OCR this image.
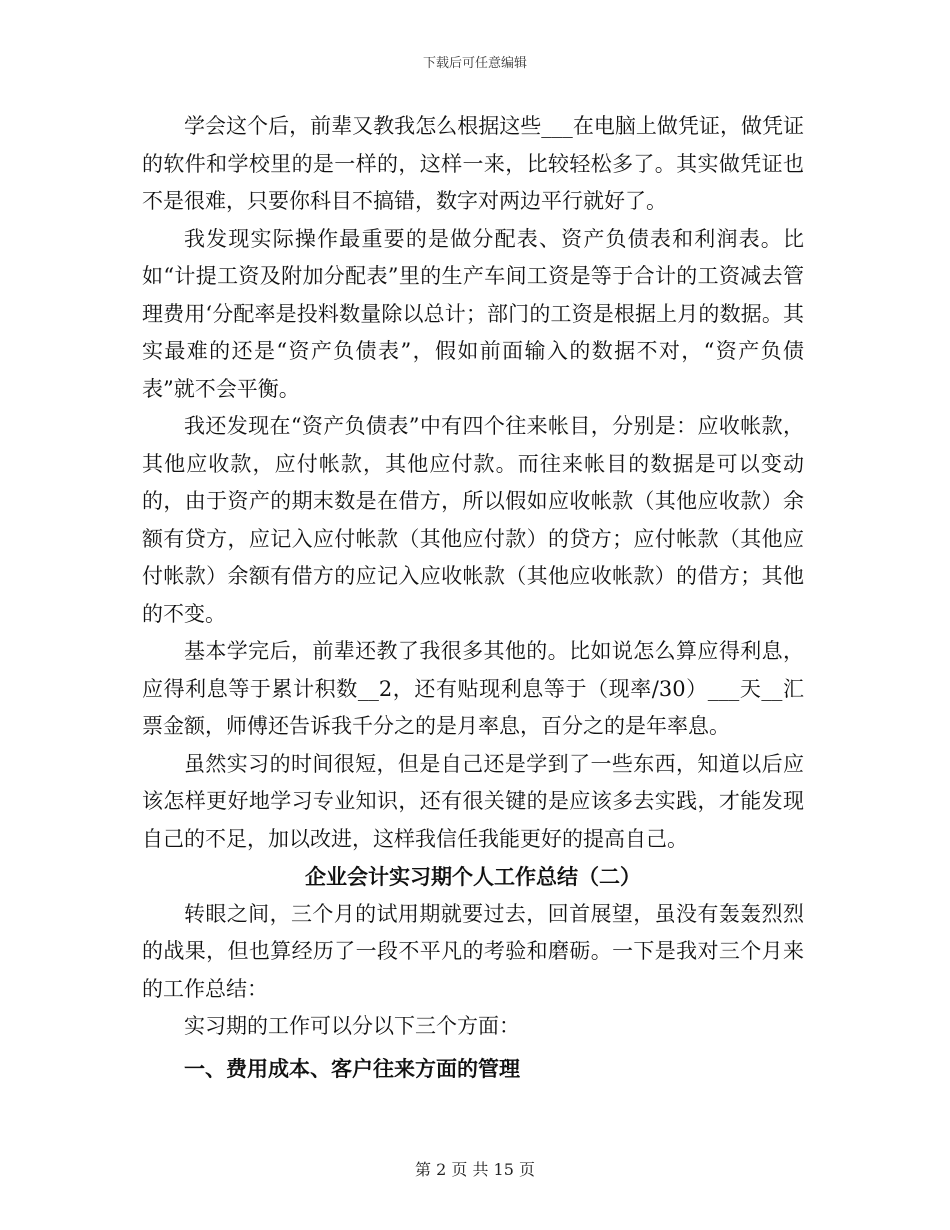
下载后可任意编辑

学会这个后，前辈又教我怎么根据这些___在电脑上做凭证，做凭证的软件和学校里的是一样的，这样一来，比较轻松多了。其实做凭证也不是很难，只要你科目不搞错，数字对两边平行就好了。

我发现实际操作最重要的是做分配表、资产负债表和利润表。比如“计提工资及附加分配表”里的生产车间工资是等于合计的工资减去管理费用‘分配率是投料数量除以总计；部门的工资是根据上月的数据。其实最难的还是“资产负债表”，假如前面输入的数据不对，“资产负债表”就不会平衡。

我还发现在“资产负债表”中有四个往来帐目，分别是：应收帐款，其他应收款，应付帐款，其他应付款。而往来帐目的数据是可以变动的，由于资产的期末数是在借方，所以假如应收帐款（其他应收款）余额有贷方，应记入应付帐款（其他应付款）的贷方；应付帐款（其他应付帐款）余额有借方的应记入应收帐款（其他应收帐款）的借方；其他的不变。

基本学完后，前辈还教了我很多其他的。比如说怎么算应得利息，应得利息等于累计积数__2，还有贴现利息等于（现率/30）___天__汇票金额，师傅还告诉我千分之的是月率息，百分之的是年率息。

虽然实习的时间很短，但是自己还是学到了一些东西，知道以后应该怎样更好地学习专业知识，还有很关键的是应该多去实践，才能发现自己的不足，加以改进，这样我信任我能更好的提高自己。

企业会计实习期个人工作总结（二）

转眼之间，三个月的试用期就要过去，回首展望，虽没有轰轰烈烈的战果，但也算经历了一段不平凡的考验和磨砺。一下是我对三个月来的工作总结：

实习期的工作可以分以下三个方面：

一、费用成本、客户往来方面的管理

第 2 页 共 15 页
